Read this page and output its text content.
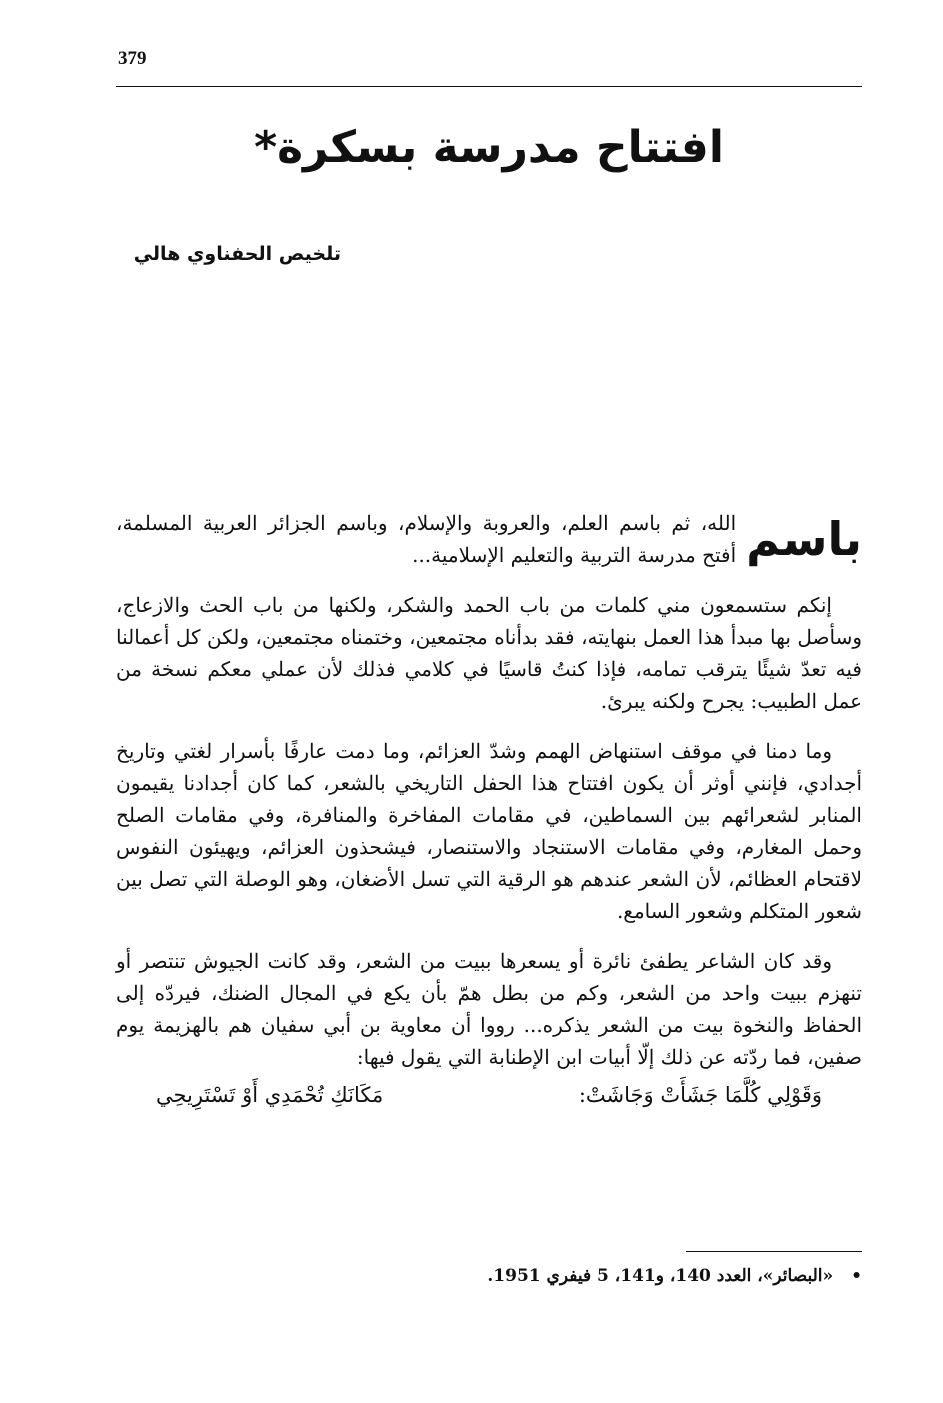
379
افتتاح مدرسة بسكرة*
تلخيص الحفناوي هالي

باسم
الله، ثم باسم العلم، والعروبة والإسلام، وباسم الجزائر العربية المسلمة، أفتح مدرسة التربية والتعليم الإسلامية...

إنكم ستسمعون مني كلمات من باب الحمد والشكر، ولكنها من باب الحث والازعاج، وسأصل بها مبدأ هذا العمل بنهايته، فقد بدأناه مجتمعين، وختمناه مجتمعين، ولكن كل أعمالنا فيه تعدّ شيئًا يترقب تمامه، فإذا كنتُ قاسيًا في كلامي فذلك لأن عملي معكم نسخة من عمل الطبيب: يجرح ولكنه يبرئ.

وما دمنا في موقف استنهاض الهمم وشدّ العزائم، وما دمت عارفًا بأسرار لغتي وتاريخ أجدادي، فإنني أوثر أن يكون افتتاح هذا الحفل التاريخي بالشعر، كما كان أجدادنا يقيمون المنابر لشعرائهم بين السماطين، في مقامات المفاخرة والمنافرة، وفي مقامات الصلح وحمل المغارم، وفي مقامات الاستنجاد والاستنصار، فيشحذون العزائم، ويهيئون النفوس لاقتحام العظائم، لأن الشعر عندهم هو الرقية التي تسل الأضغان، وهو الوصلة التي تصل بين شعور المتكلم وشعور السامع.

وقد كان الشاعر يطفئ نائرة أو يسعرها ببيت من الشعر، وقد كانت الجيوش تنتصر أو تنهزم ببيت واحد من الشعر، وكم من بطل همّ بأن يكع في المجال الضنك، فيردّه إلى الحفاظ والنخوة بيت من الشعر يذكره... رووا أن معاوية بن أبي سفيان هم بالهزيمة يوم صفين، فما ردّته عن ذلك إلّا أبيات ابن الإطنابة التي يقول فيها:

وَقَوْلِي كُلَّمَا جَشَأَتْ وَجَاشَتْ:
مَكَانَكِ تُحْمَدِي أَوْ تَسْتَرِيحِي
•«البصائر»، العدد 140، و141، 5 فيفري 1951.
